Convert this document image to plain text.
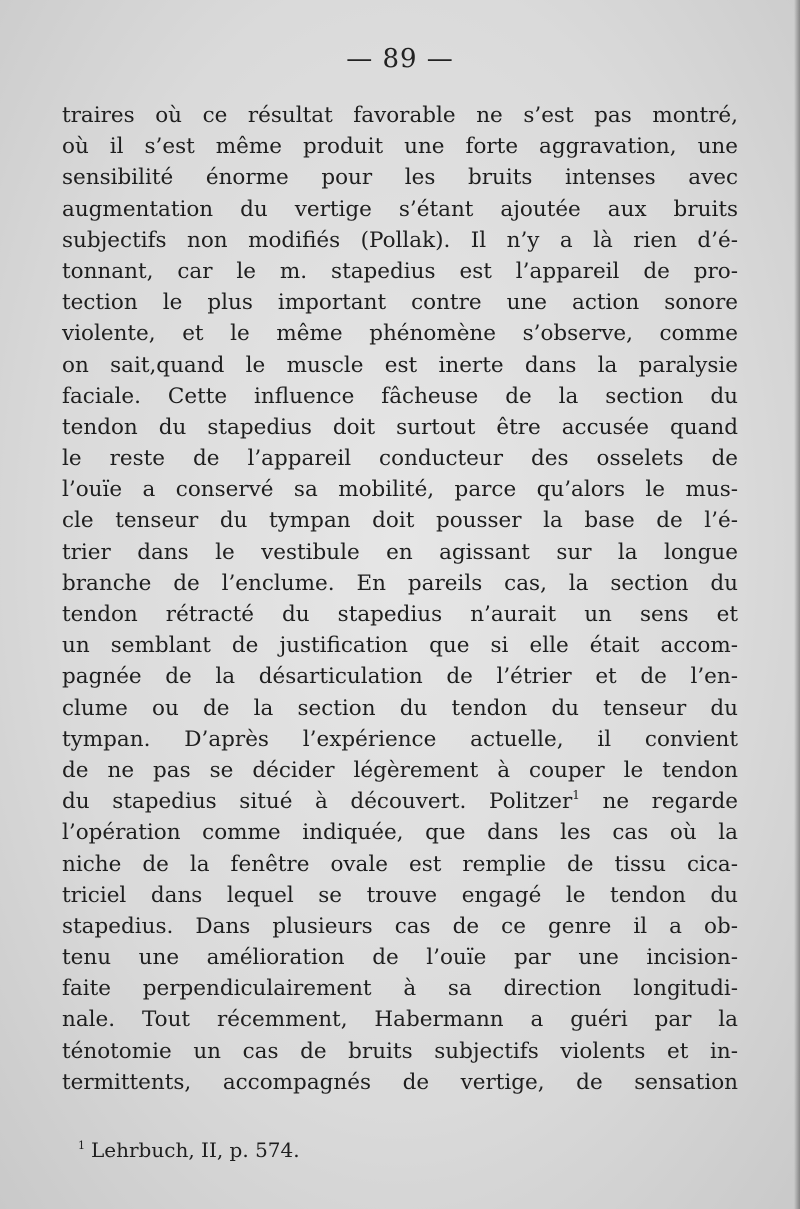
— 89 —
traires où ce résultat favorable ne s’est pas montré,
où il s’est même produit une forte aggravation, une
sensibilité énorme pour les bruits intenses avec
augmentation du vertige s’étant ajoutée aux bruits
subjectifs non modifiés (Pollak). Il n’y a là rien d’é-
tonnant, car le m. stapedius est l’appareil de pro-
tection le plus important contre une action sonore
violente, et le même phénomène s’observe, comme
on sait,quand le muscle est inerte dans la paralysie
faciale. Cette influence fâcheuse de la section du
tendon du stapedius doit surtout être accusée quand
le reste de l’appareil conducteur des osselets de
l’ouïe a conservé sa mobilité, parce qu’alors le mus-
cle tenseur du tympan doit pousser la base de l’é-
trier dans le vestibule en agissant sur la longue
branche de l’enclume. En pareils cas, la section du
tendon rétracté du stapedius n’aurait un sens et
un semblant de justification que si elle était accom-
pagnée de la désarticulation de l’étrier et de l’en-
clume ou de la section du tendon du tenseur du
tympan. D’après l’expérience actuelle, il convient
de ne pas se décider légèrement à couper le tendon
du stapedius situé à découvert. Politzer$^1$ ne regarde
l’opération comme indiquée, que dans les cas où la
niche de la fenêtre ovale est remplie de tissu cica-
triciel dans lequel se trouve engagé le tendon du
stapedius. Dans plusieurs cas de ce genre il a ob-
tenu une amélioration de l’ouïe par une incision-
faite perpendiculairement à sa direction longitudi-
nale. Tout récemment, Habermann a guéri par la
ténotomie un cas de bruits subjectifs violents et in-
termittents, accompagnés de vertige, de sensation
$^1$ Lehrbuch, II, p. 574.
